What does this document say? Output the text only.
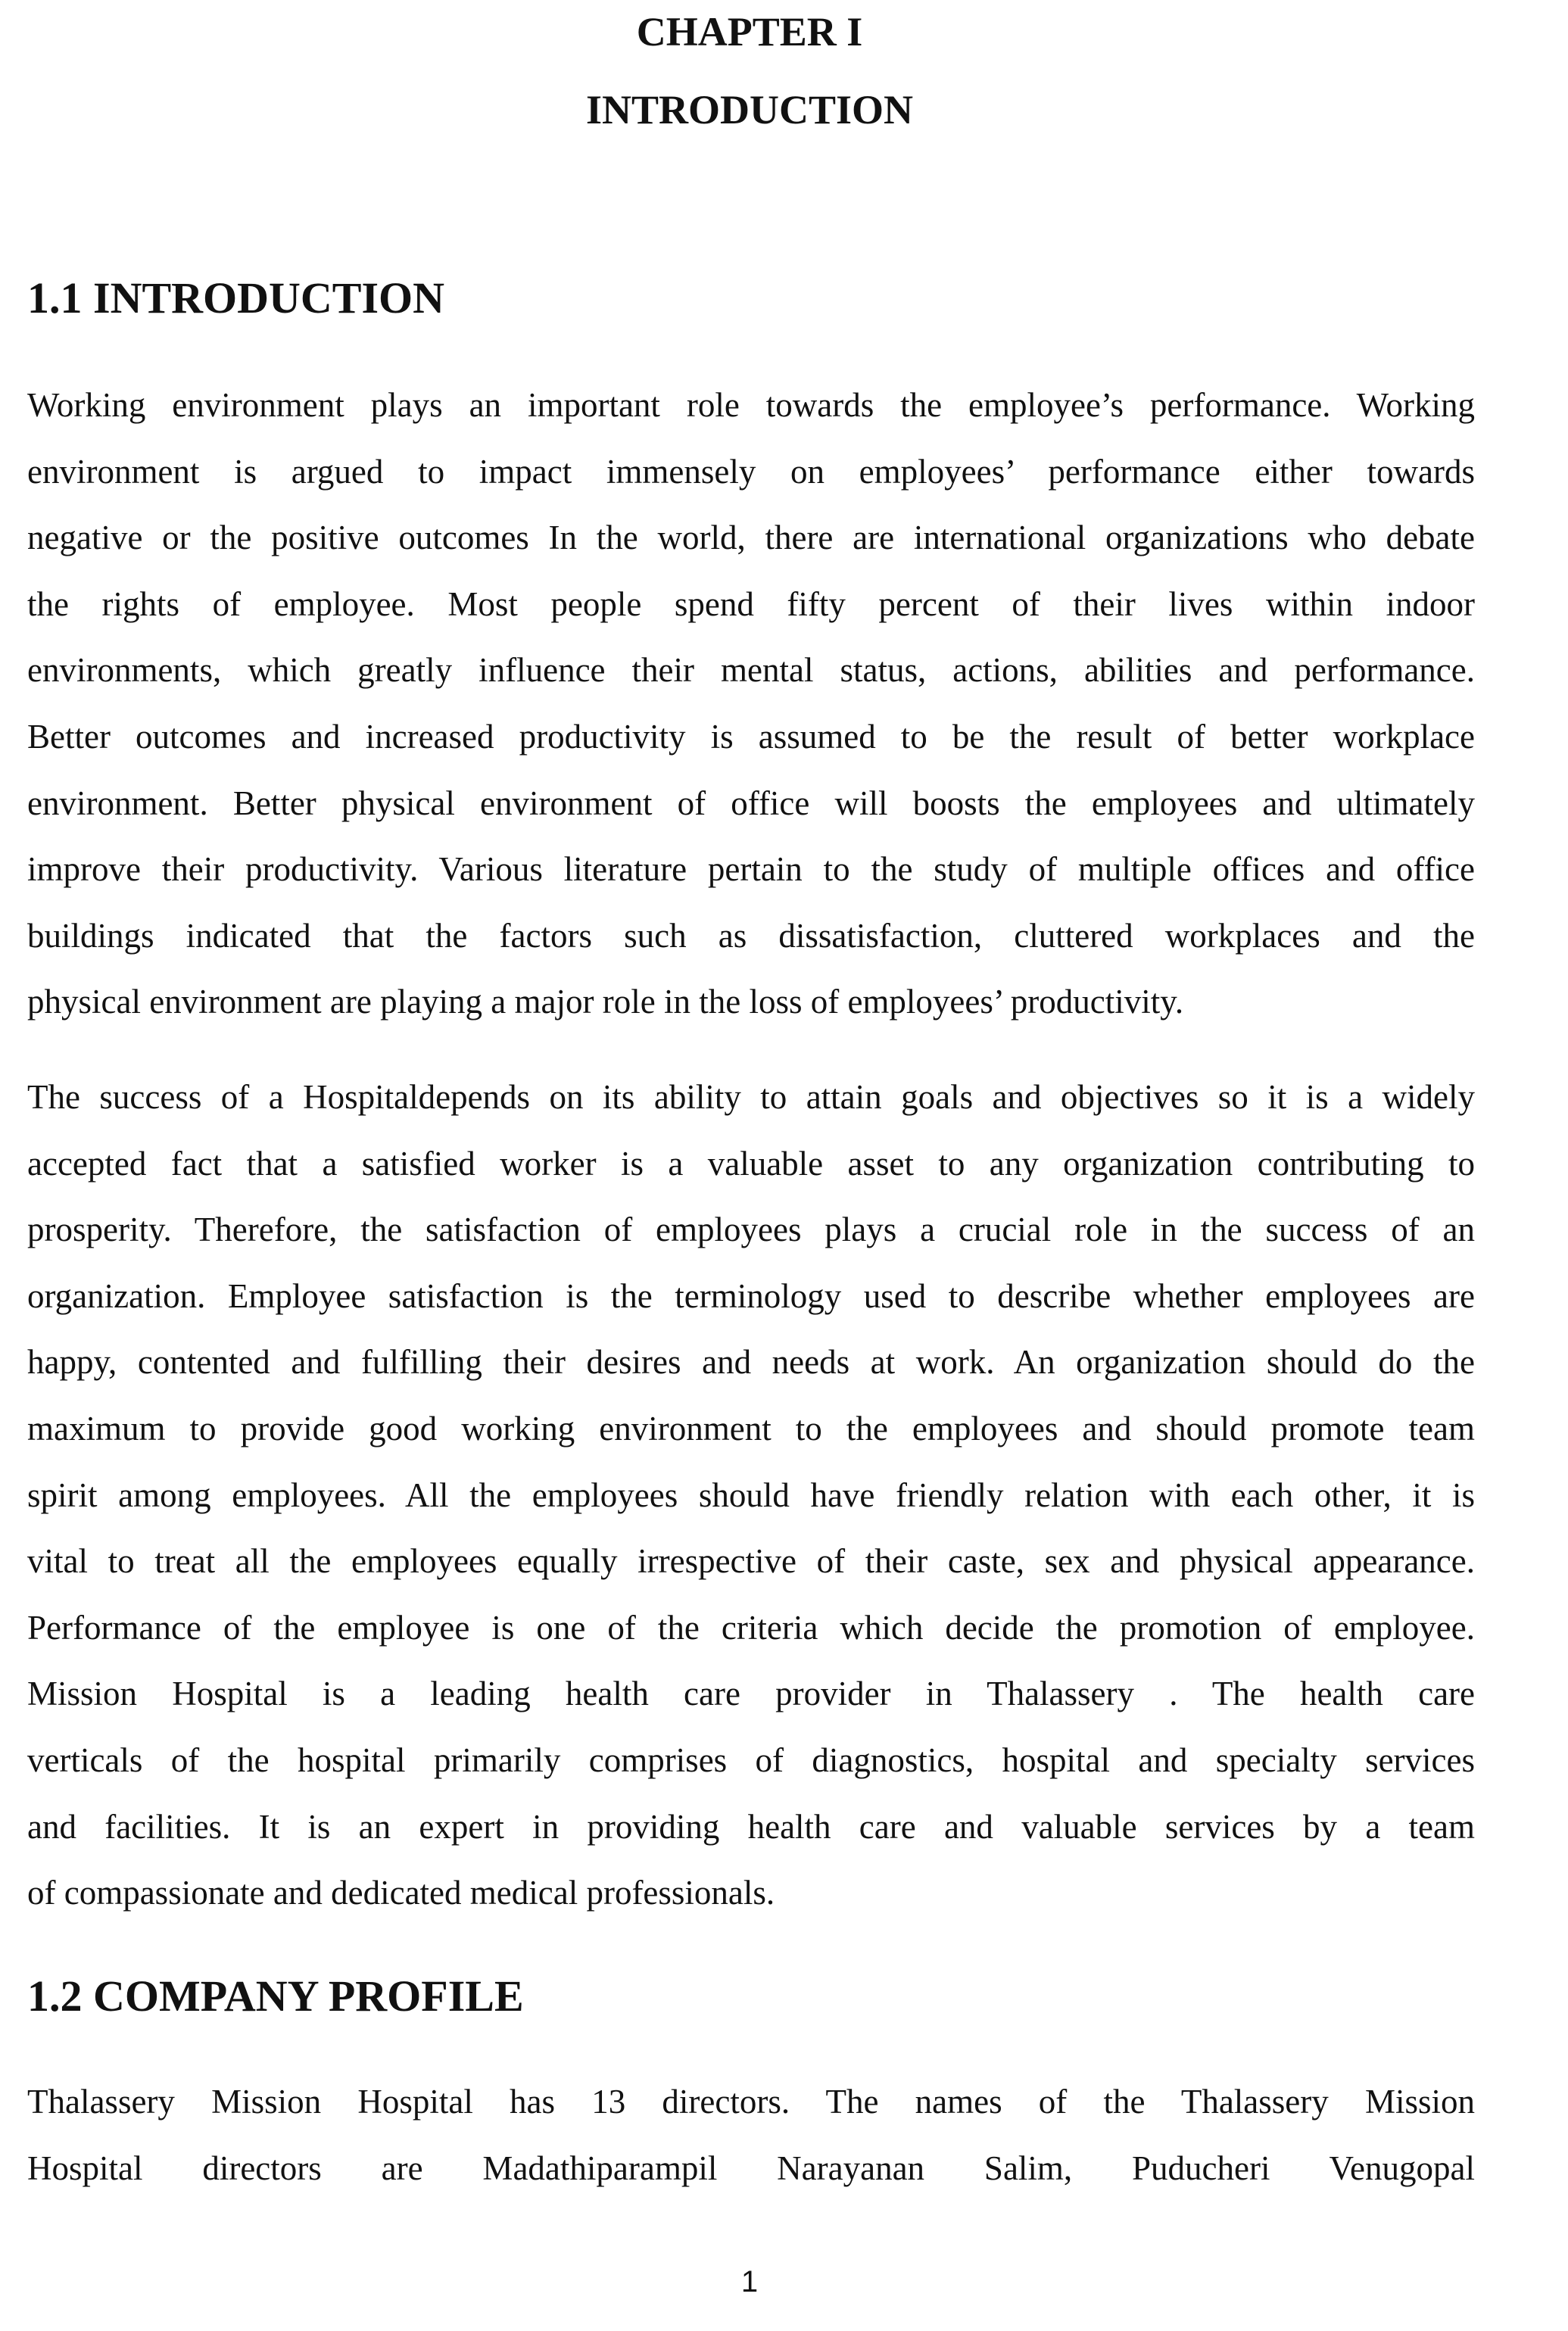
CHAPTER I

INTRODUCTION

1.1 INTRODUCTION
Working environment plays an important role towards the employee’s performance. Working
environment is argued to impact immensely on employees’ performance either towards
negative or the positive outcomes In the world, there are international organizations who debate
the rights of employee. Most people spend fifty percent of their lives within indoor
environments, which greatly influence their mental status, actions, abilities and performance.
Better outcomes and increased productivity is assumed to be the result of better workplace
environment. Better physical environment of office will boosts the employees and ultimately
improve their productivity. Various literature pertain to the study of multiple offices and office
buildings indicated that the factors such as dissatisfaction, cluttered workplaces and the
physical environment are playing a major role in the loss of employees’ productivity.
The success of a Hospitaldepends on its ability to attain goals and objectives so it is a widely
accepted fact that a satisfied worker is a valuable asset to any organization contributing to
prosperity. Therefore, the satisfaction of employees plays a crucial role in the success of an
organization. Employee satisfaction is the terminology used to describe whether employees are
happy, contented and fulfilling their desires and needs at work. An organization should do the
maximum to provide good working environment to the employees and should promote team
spirit among employees. All the employees should have friendly relation with each other, it is
vital to treat all the employees equally irrespective of their caste, sex and physical appearance.
Performance of the employee is one of the criteria which decide the promotion of employee.
Mission Hospital is a leading health care provider in Thalassery . The health care
verticals of the hospital primarily comprises of diagnostics, hospital and specialty services
and facilities. It is an expert in providing health care and valuable services by a team
of compassionate and dedicated medical professionals.
1.2 COMPANY PROFILE
Thalassery Mission Hospital has 13 directors. The names of the Thalassery Mission
Hospital directors are Madathiparampil Narayanan Salim, Puducheri Venugopal

1
